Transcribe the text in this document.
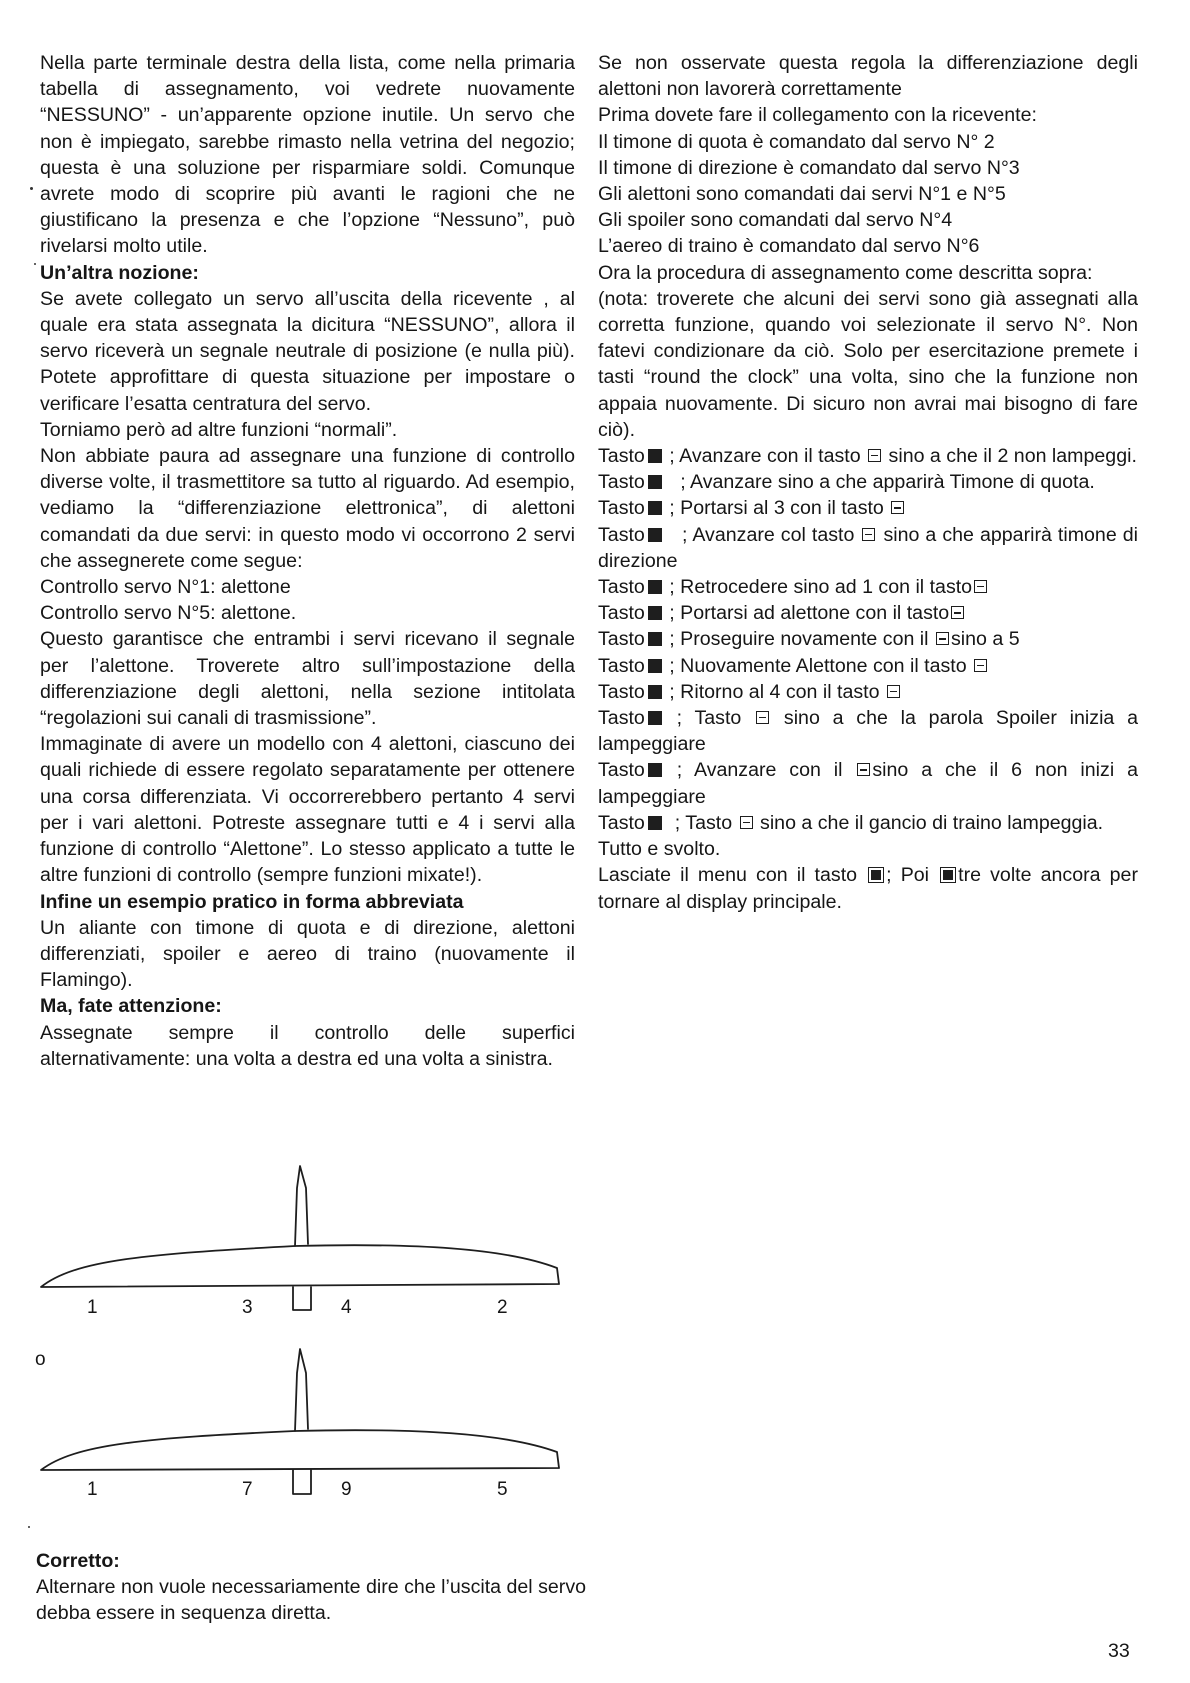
Nella parte terminale destra della lista, come nella primaria tabella di assegnamento, voi vedrete nuovamente “NESSUNO” - un’apparente opzione inutile. Un servo che non è impiegato, sarebbe rimasto nella vetrina del negozio; questa è una soluzione per risparmiare soldi. Comunque avrete modo di scoprire più avanti le ragioni che ne giustificano la presenza e che l’opzione “Nessuno”, può rivelarsi molto utile.

Un’altra nozione:

Se avete collegato un servo all’uscita della ricevente , al quale era stata assegnata la dicitura “NESSUNO”, allora il servo riceverà un segnale neutrale di posizione (e nulla più). Potete approfittare di questa situazione per impostare o verificare l’esatta centratura del servo.

Torniamo però ad altre funzioni “normali”.

Non abbiate paura ad assegnare una funzione di controllo diverse volte, il trasmettitore sa tutto al riguardo. Ad esempio, vediamo la “differenziazione elettronica”, di alettoni comandati da due servi: in questo modo vi occorrono 2 servi che assegnerete come segue:

Controllo servo N°1: alettone

Controllo servo N°5: alettone.

Questo garantisce che entrambi i servi ricevano il segnale per l’alettone. Troverete altro sull’impostazione della differenziazione degli alettoni, nella sezione intitolata “regolazioni sui canali di trasmissione”.

Immaginate di avere un modello con 4 alettoni, ciascuno dei quali richiede di essere regolato separatamente per ottenere una corsa differenziata. Vi occorrerebbero pertanto 4 servi per i vari alettoni. Potreste assegnare tutti e 4 i servi alla funzione di controllo “Alettone”. Lo stesso applicato a tutte le altre funzioni di controllo (sempre funzioni mixate!).

Infine un esempio pratico in forma abbreviata

Un aliante con timone di quota e di direzione, alettoni differenziati, spoiler e aereo di traino (nuovamente il Flamingo).

Ma, fate attenzione:

Assegnate sempre il controllo delle superfici alternativamente: una volta a destra ed una volta a sinistra.

Se non osservate questa regola la differenziazione degli alettoni non lavorerà correttamente

Prima dovete fare il collegamento con la ricevente:

Il timone di quota è comandato dal servo N° 2

Il timone di direzione è comandato dal servo N°3

Gli alettoni sono comandati dai servi N°1 e N°5

Gli spoiler sono comandati dal servo N°4

L’aereo di traino è comandato dal servo N°6

Ora la procedura di assegnamento come descritta sopra:

(nota: troverete che alcuni dei servi sono già assegnati alla corretta funzione, quando voi selezionate il servo N°. Non fatevi condizionare da ciò. Solo per esercitazione premete i tasti “round the clock” una volta, sino che la funzione non appaia nuovamente. Di sicuro non avrai mai bisogno di fare ciò).

Tasto ; Avanzare con il tasto sino a che il 2 non lampeggi.

Tasto ; Avanzare sino a che apparirà Timone di quota.

Tasto ; Portarsi al 3 con il tasto

Tasto ; Avanzare col tasto sino a che apparirà timone di direzione

Tasto ; Retrocedere sino ad 1 con il tasto

Tasto ; Portarsi ad alettone con il tasto

Tasto ; Proseguire novamente con il sino a 5

Tasto ; Nuovamente Alettone con il tasto

Tasto ; Ritorno al 4 con il tasto

Tasto ; Tasto sino a che la parola Spoiler inizia a lampeggiare

Tasto ; Avanzare con il sino a che il 6 non inizi a lampeggiare

Tasto ; Tasto sino a che il gancio di traino lampeggia.

Tutto e svolto.

Lasciate il menu con il tasto ; Poi tre volte ancora per tornare al display principale.

1	3	4	2
o
1	7	9	5

Corretto:

Alternare non vuole necessariamente dire che l’uscita del servo debba essere in sequenza diretta.

33
